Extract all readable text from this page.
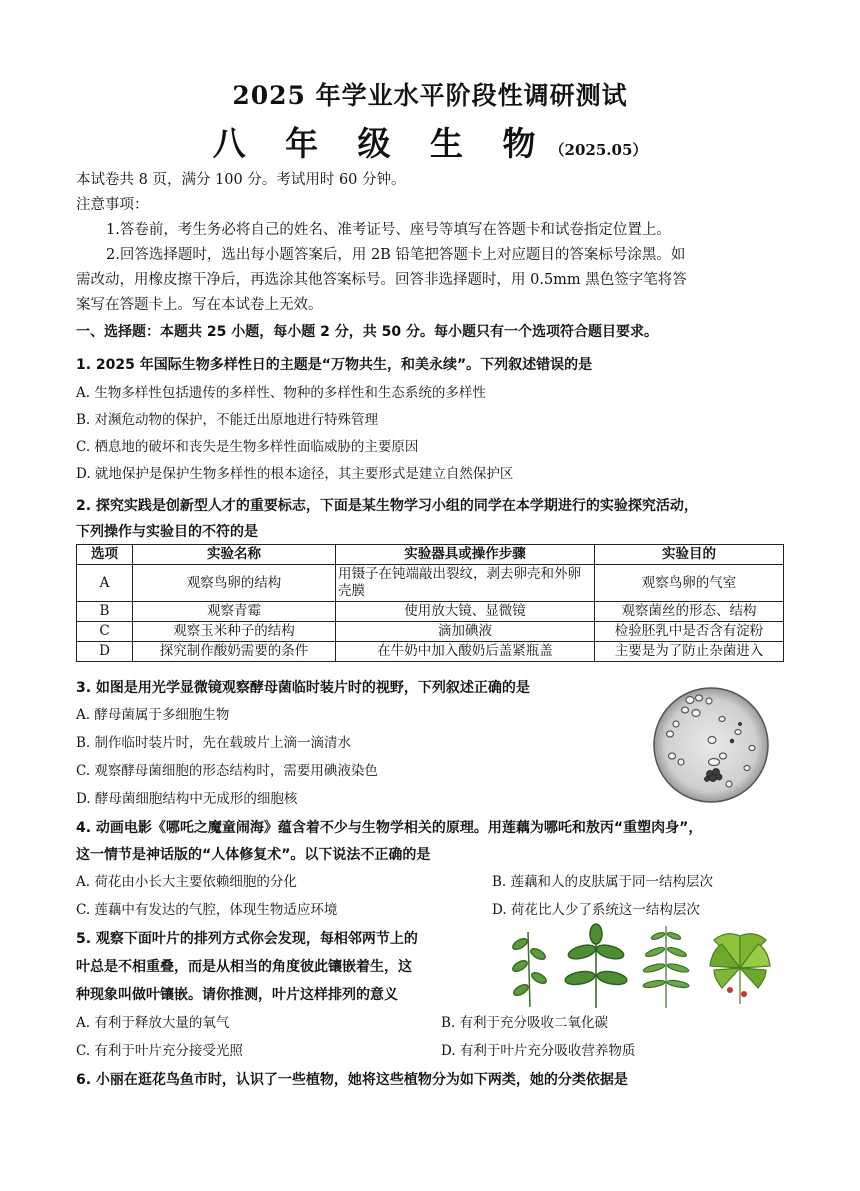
2025 年学业水平阶段性调研测试
八 年 级 生 物（2025.05）
本试卷共 8 页，满分 100 分。考试用时 60 分钟。
注意事项：
1.答卷前，考生务必将自己的姓名、准考证号、座号等填写在答题卡和试卷指定位置上。
2.回答选择题时，选出每小题答案后，用 2B 铅笔把答题卡上对应题目的答案标号涂黑。如
需改动，用橡皮擦干净后，再选涂其他答案标号。回答非选择题时，用 0.5mm 黑色签字笔将答
案写在答题卡上。写在本试卷上无效。
一、选择题：本题共 25 小题，每小题 2 分，共 50 分。每小题只有一个选项符合题目要求。
1. 2025 年国际生物多样性日的主题是“万物共生，和美永续”。下列叙述错误的是
A. 生物多样性包括遗传的多样性、物种的多样性和生态系统的多样性
B. 对濒危动物的保护，不能迁出原地进行特殊管理
C. 栖息地的破坏和丧失是生物多样性面临威胁的主要原因
D. 就地保护是保护生物多样性的根本途径，其主要形式是建立自然保护区
2. 探究实践是创新型人才的重要标志，下面是某生物学习小组的同学在本学期进行的实验探究活动，
下列操作与实验目的不符的是
选项	实验名称	实验器具或操作步骤	实验目的
A	观察鸟卵的结构	用镊子在钝端敲出裂纹，剥去卵壳和外卵壳膜	观察鸟卵的气室
B	观察青霉	使用放大镜、显微镜	观察菌丝的形态、结构
C	观察玉米种子的结构	滴加碘液	检验胚乳中是否含有淀粉
D	探究制作酸奶需要的条件	在牛奶中加入酸奶后盖紧瓶盖	主要是为了防止杂菌进入
3. 如图是用光学显微镜观察酵母菌临时装片时的视野，下列叙述正确的是
A. 酵母菌属于多细胞生物
B. 制作临时装片时，先在载玻片上滴一滴清水
C. 观察酵母菌细胞的形态结构时，需要用碘液染色
D. 酵母菌细胞结构中无成形的细胞核
4. 动画电影《哪吒之魔童闹海》蕴含着不少与生物学相关的原理。用莲藕为哪吒和敖丙“重塑肉身”，
这一情节是神话版的“人体修复术”。以下说法不正确的是
A. 荷花由小长大主要依赖细胞的分化	B. 莲藕和人的皮肤属于同一结构层次
C. 莲藕中有发达的气腔，体现生物适应环境	D. 荷花比人少了系统这一结构层次
5. 观察下面叶片的排列方式你会发现，每相邻两节上的
叶总是不相重叠，而是从相当的角度彼此镶嵌着生，这
种现象叫做叶镶嵌。请你推测，叶片这样排列的意义
A. 有利于释放大量的氧气	B. 有利于充分吸收二氧化碳
C. 有利于叶片充分接受光照	D. 有利于叶片充分吸收营养物质
6. 小丽在逛花鸟鱼市时，认识了一些植物，她将这些植物分为如下两类，她的分类依据是
